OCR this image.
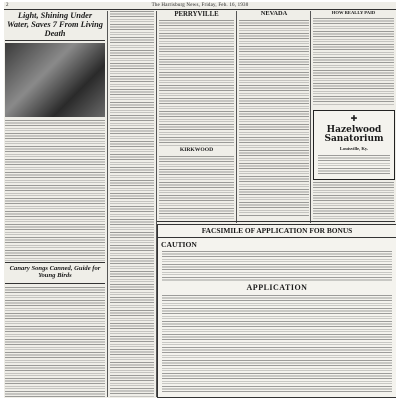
2	The Harrisburg News, Friday, Feb. 16, 1930
Light, Shining Under Water, Saves 7 From Living Death
Canary Songs Canned, Guide for Young Birds
PERRYVILLE
KIRKWOOD
NEVADA	HOW REALLY PAID
✚
Hazelwood Sanatorium
Louisville, Ky.
FACSIMILE OF APPLICATION FOR BONUS
CAUTION
APPLICATION
